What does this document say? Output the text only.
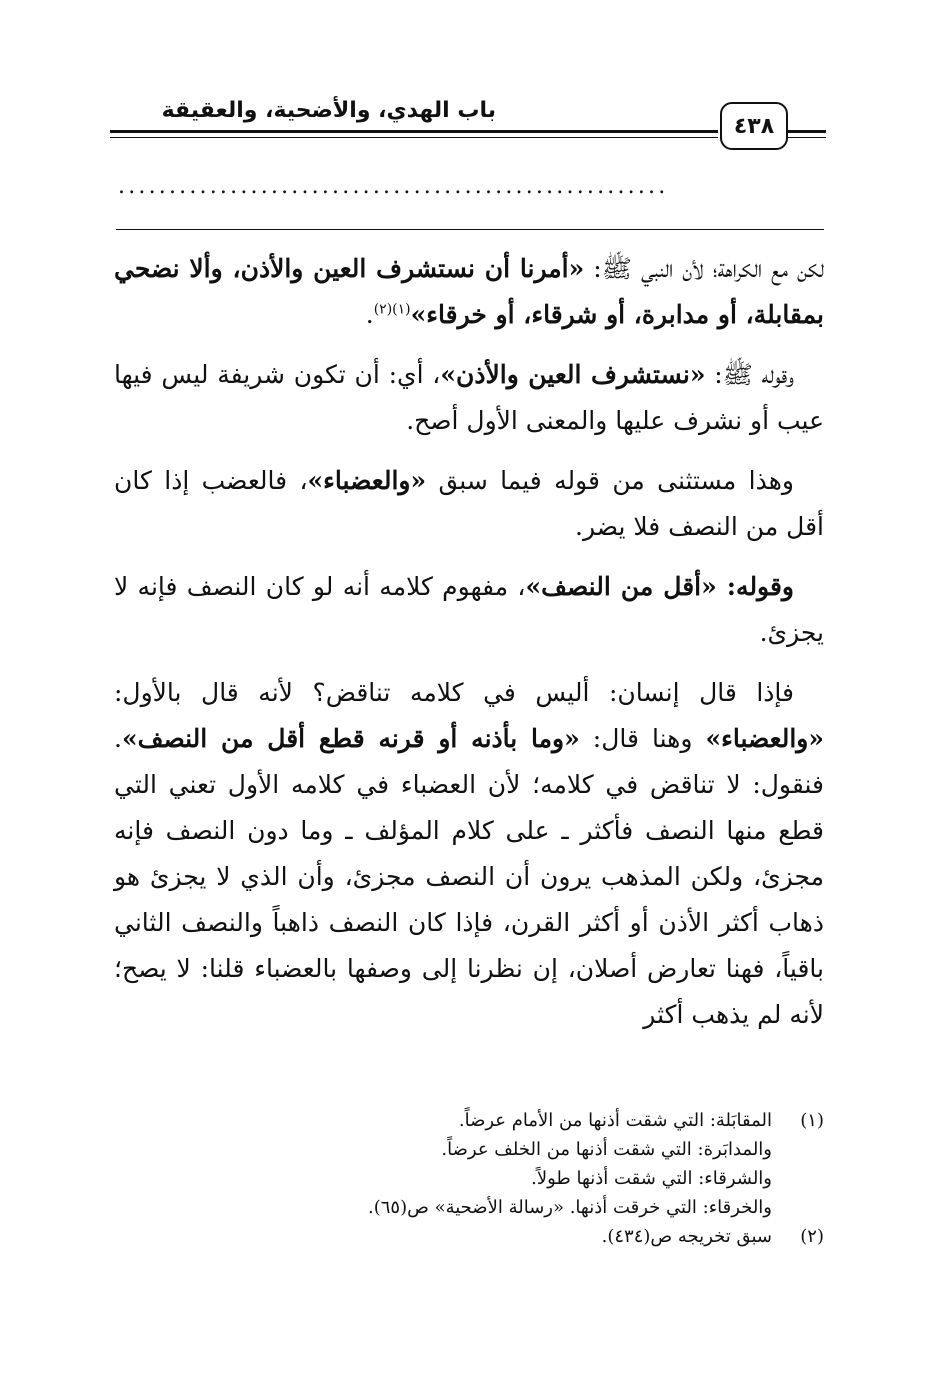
باب الهدي، والأضحية، والعقيقة
٤٣٨
......................................................

لكن مع الكراهة؛ لأن النبي ﷺ: «أمرنا أن نستشرف العين والأذن، وألا نضحي بمقابلة، أو مدابرة، أو شرقاء، أو خرقاء»$^{(١)(٢)}$.

وقوله ﷺ: «نستشرف العين والأذن»، أي: أن تكون شريفة ليس فيها عيب أو نشرف عليها والمعنى الأول أصح.

وهذا مستثنى من قوله فيما سبق «والعضباء»، فالعضب إذا كان أقل من النصف فلا يضر.

وقوله: «أقل من النصف»، مفهوم كلامه أنه لو كان النصف فإنه لا يجزئ.

فإذا قال إنسان: أليس في كلامه تناقض؟ لأنه قال بالأول: «والعضباء» وهنا قال: «وما بأذنه أو قرنه قطع أقل من النصف». فنقول: لا تناقض في كلامه؛ لأن العضباء في كلامه الأول تعني التي قطع منها النصف فأكثر ـ على كلام المؤلف ـ وما دون النصف فإنه مجزئ، ولكن المذهب يرون أن النصف مجزئ، وأن الذي لا يجزئ هو ذهاب أكثر الأذن أو أكثر القرن، فإذا كان النصف ذاهباً والنصف الثاني باقياً، فهنا تعارض أصلان، إن نظرنا إلى وصفها بالعضباء قلنا: لا يصح؛ لأنه لم يذهب أكثر

(١)
المقابَلة: التي شقت أذنها من الأمام عرضاً.
والمدابَرة: التي شقت أذنها من الخلف عرضاً.
والشرقاء: التي شقت أذنها طولاً.
والخرقاء: التي خرقت أذنها. «رسالة الأضحية» ص(٦٥).
(٢)
سبق تخريجه ص(٤٣٤).
